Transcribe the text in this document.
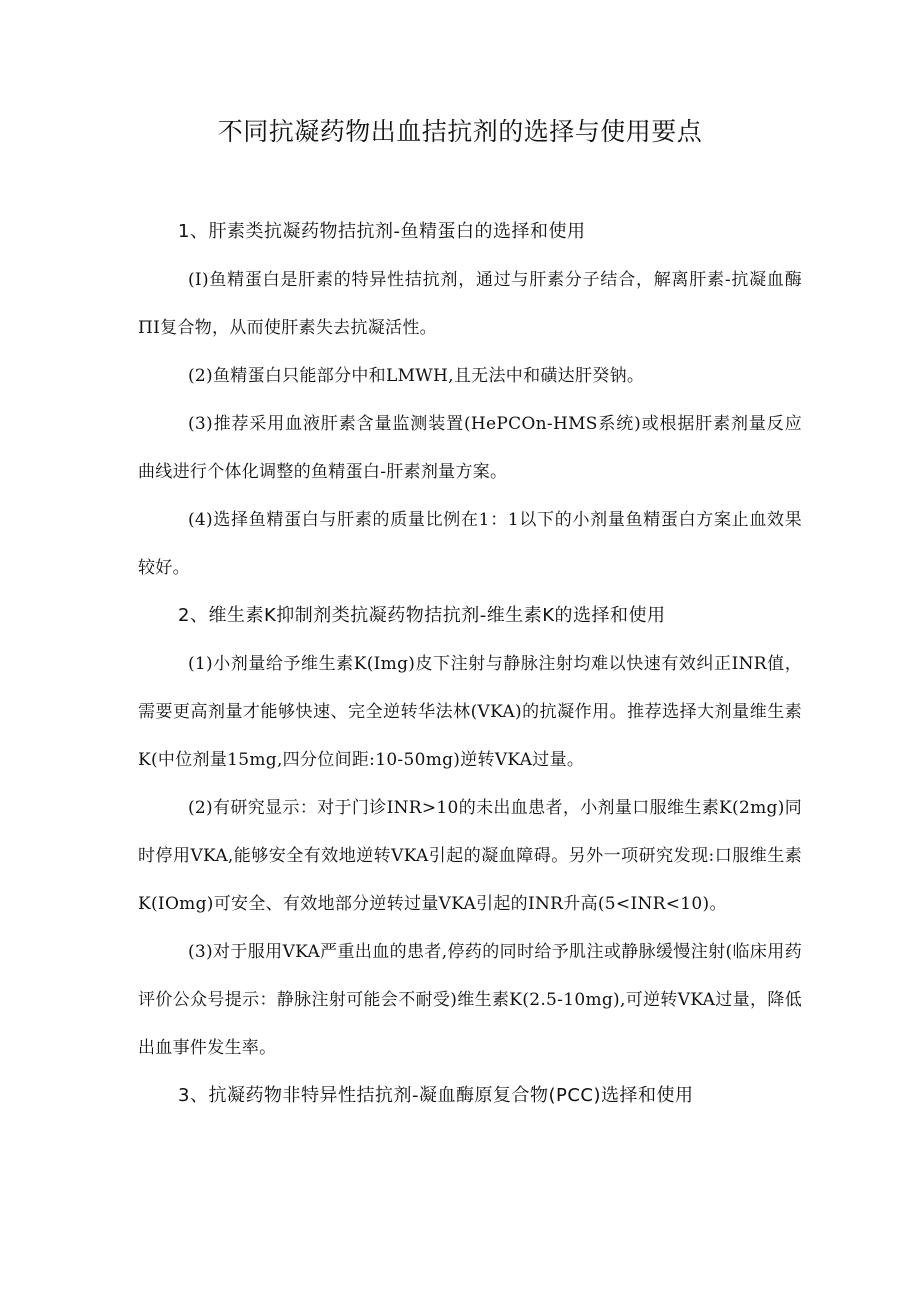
不同抗凝药物出血拮抗剂的选择与使用要点
1、肝素类抗凝药物拮抗剂-鱼精蛋白的选择和使用

(I)鱼精蛋白是肝素的特异性拮抗剂，通过与肝素分子结合，解离肝素-抗凝血酶ΠI复合物，从而使肝素失去抗凝活性。

(2)鱼精蛋白只能部分中和LMWH,且无法中和磺达肝癸钠。

(3)推荐采用血液肝素含量监测装置(HePCOn-HMS系统)或根据肝素剂量反应曲线进行个体化调整的鱼精蛋白-肝素剂量方案。

(4)选择鱼精蛋白与肝素的质量比例在1：1以下的小剂量鱼精蛋白方案止血效果较好。

2、维生素K抑制剂类抗凝药物拮抗剂-维生素K的选择和使用

(1)小剂量给予维生素K(Img)皮下注射与静脉注射均难以快速有效纠正INR值，需要更高剂量才能够快速、完全逆转华法林(VKA)的抗凝作用。推荐选择大剂量维生素K(中位剂量15mg,四分位间距:10-50mg)逆转VKA过量。

(2)有研究显示：对于门诊INR>10的未出血患者，小剂量口服维生素K(2mg)同时停用VKA,能够安全有效地逆转VKA引起的凝血障碍。另外一项研究发现:口服维生素K(IOmg)可安全、有效地部分逆转过量VKA引起的INR升高(5<INR<10)。

(3)对于服用VKA严重出血的患者,停药的同时给予肌注或静脉缓慢注射(临床用药评价公众号提示：静脉注射可能会不耐受)维生素K(2.5-10mg),可逆转VKA过量，降低出血事件发生率。

3、抗凝药物非特异性拮抗剂-凝血酶原复合物(PCC)选择和使用
